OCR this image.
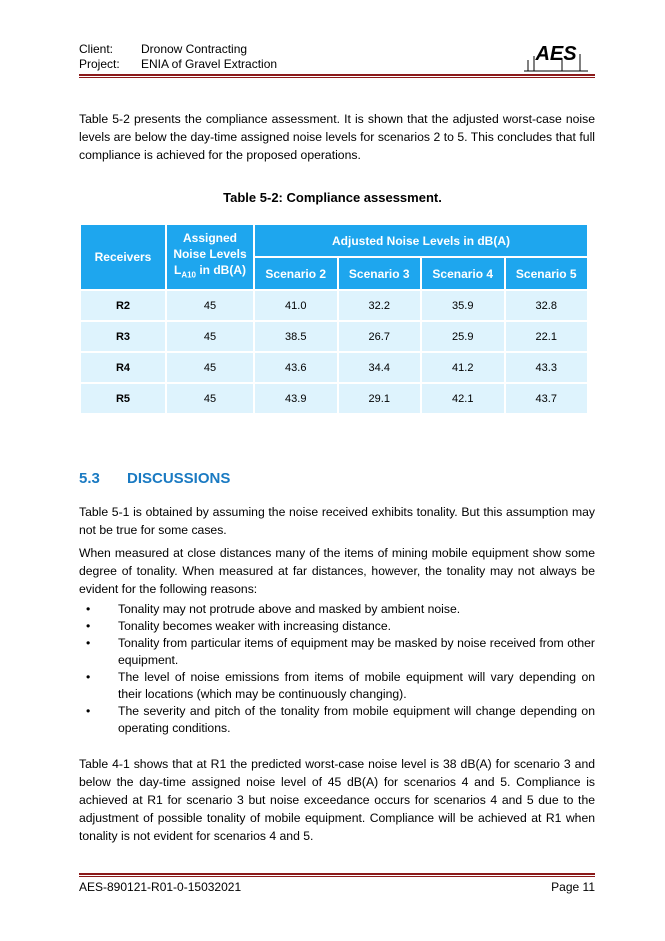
Client: Dronow Contracting
Project: ENIA of Gravel Extraction	AES
Table 5-2 presents the compliance assessment. It is shown that the adjusted worst-case noise levels are below the day-time assigned noise levels for scenarios 2 to 5. This concludes that full compliance is achieved for the proposed operations.
Table 5-2: Compliance assessment.
Receivers	Assigned Noise Levels $L_{A10}$ in dB(A)	Adjusted Noise Levels in dB(A)			
		Scenario 2	Scenario 3	Scenario 4	Scenario 5
R2	45	41.0	32.2	35.9	32.8
R3	45	38.5	26.7	25.9	22.1
R4	45	43.6	34.4	41.2	43.3
R5	45	43.9	29.1	42.1	43.7
5.3 DISCUSSIONS
Table 5-1 is obtained by assuming the noise received exhibits tonality. But this assumption may not be true for some cases.
When measured at close distances many of the items of mining mobile equipment show some degree of tonality. When measured at far distances, however, the tonality may not always be evident for the following reasons:
• Tonality may not protrude above and masked by ambient noise.
• Tonality becomes weaker with increasing distance.
• Tonality from particular items of equipment may be masked by noise received from other equipment.
• The level of noise emissions from items of mobile equipment will vary depending on their locations (which may be continuously changing).
• The severity and pitch of the tonality from mobile equipment will change depending on operating conditions.
Table 4-1 shows that at R1 the predicted worst-case noise level is 38 dB(A) for scenario 3 and below the day-time assigned noise level of 45 dB(A) for scenarios 4 and 5. Compliance is achieved at R1 for scenario 3 but noise exceedance occurs for scenarios 4 and 5 due to the adjustment of possible tonality of mobile equipment. Compliance will be achieved at R1 when tonality is not evident for scenarios 4 and 5.
AES-890121-R01-0-15032021	Page 11
